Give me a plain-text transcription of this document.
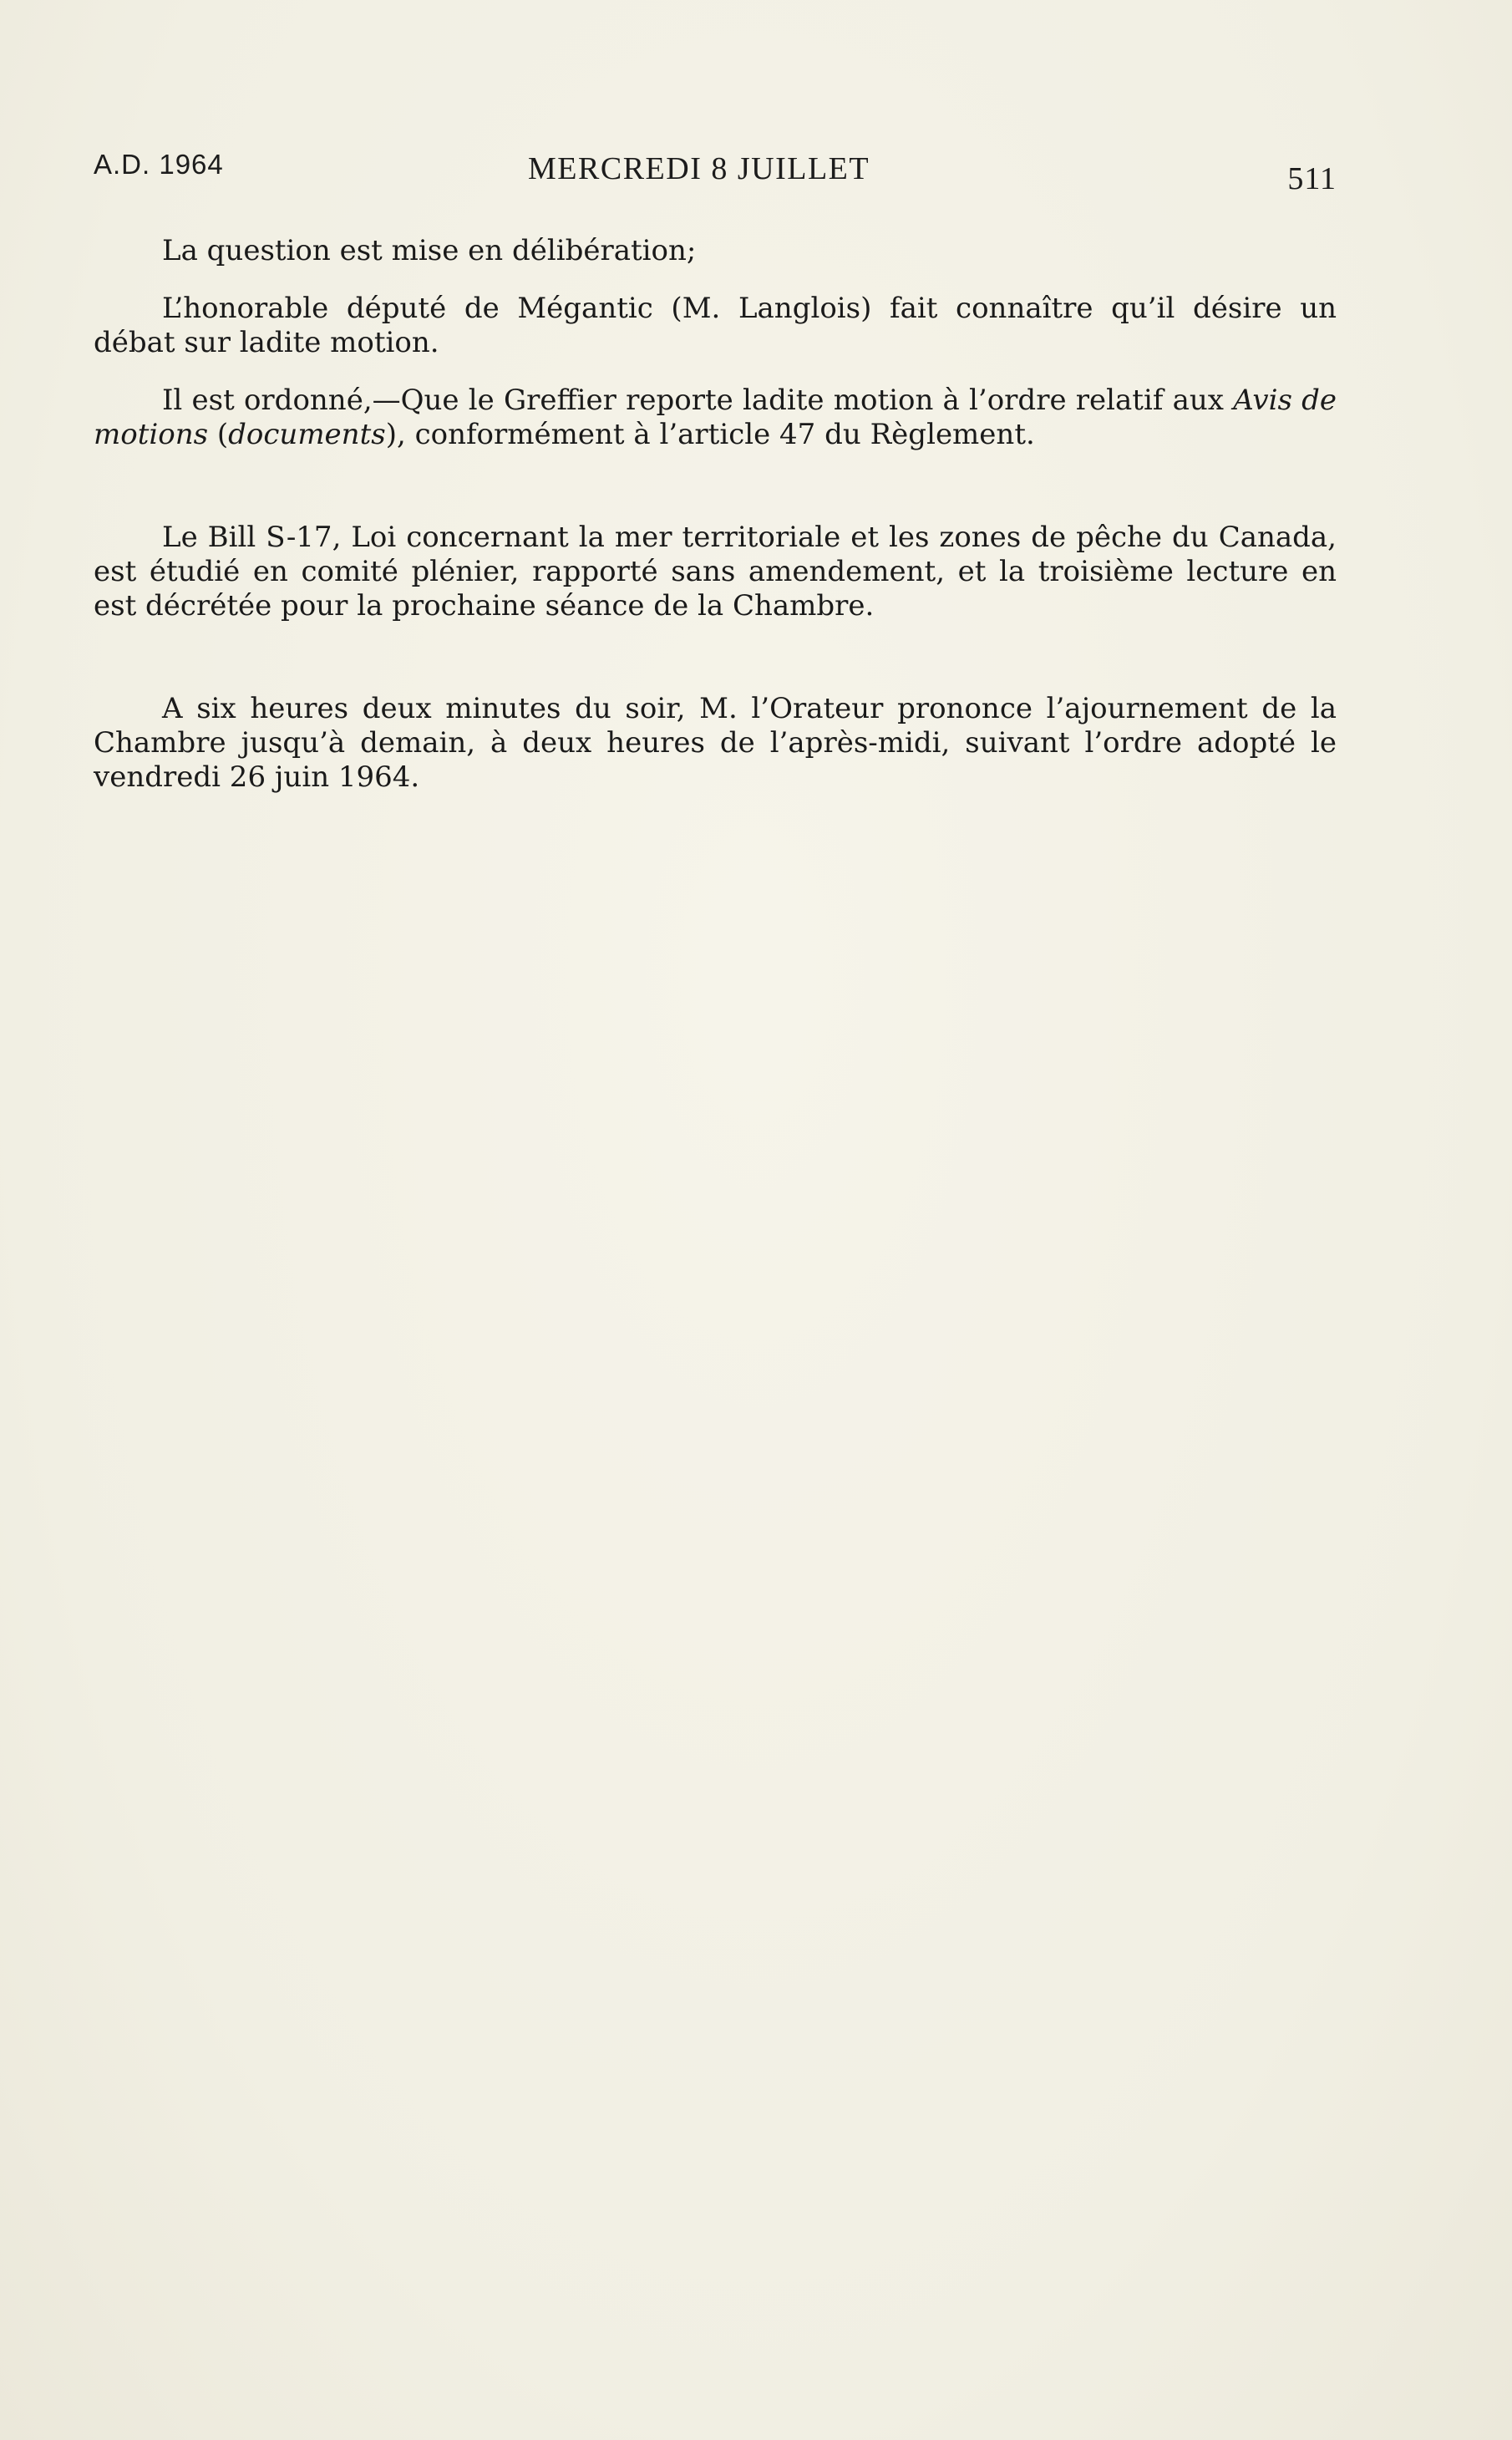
A.D. 1964	MERCREDI 8 JUILLET	511

La question est mise en délibération;

L’honorable député de Mégantic (M. Langlois) fait connaître qu’il désire un débat sur ladite motion.

Il est ordonné,—Que le Greffier reporte ladite motion à l’ordre relatif aux Avis de motions (documents), conformément à l’article 47 du Règlement.

Le Bill S-17, Loi concernant la mer territoriale et les zones de pêche du Canada, est étudié en comité plénier, rapporté sans amendement, et la troisième lecture en est décrétée pour la prochaine séance de la Chambre.

A six heures deux minutes du soir, M. l’Orateur prononce l’ajournement de la Chambre jusqu’à demain, à deux heures de l’après-midi, suivant l’ordre adopté le vendredi 26 juin 1964.
